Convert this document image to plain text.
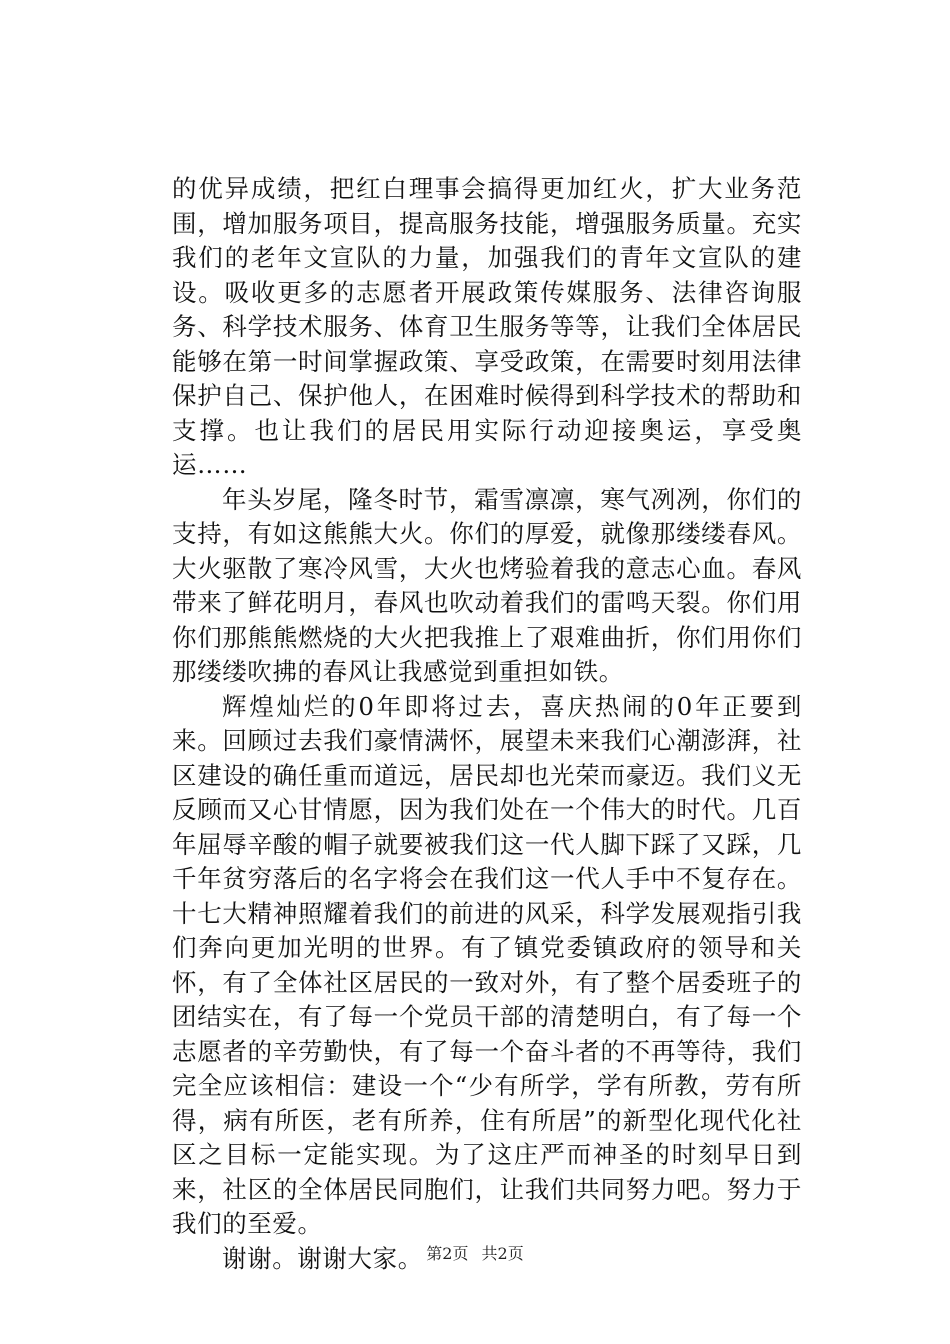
的优异成绩，把红白理事会搞得更加红火，扩大业务范围，增加服务项目，提高服务技能，增强服务质量。充实我们的老年文宣队的力量，加强我们的青年文宣队的建设。吸收更多的志愿者开展政策传媒服务、法律咨询服务、科学技术服务、体育卫生服务等等，让我们全体居民能够在第一时间掌握政策、享受政策，在需要时刻用法律保护自己、保护他人，在困难时候得到科学技术的帮助和支撑。也让我们的居民用实际行动迎接奥运，享受奥运……

年头岁尾，隆冬时节，霜雪凛凛，寒气冽冽，你们的支持，有如这熊熊大火。你们的厚爱，就像那缕缕春风。大火驱散了寒冷风雪，大火也烤验着我的意志心血。春风带来了鲜花明月，春风也吹动着我们的雷鸣天裂。你们用你们那熊熊燃烧的大火把我推上了艰难曲折，你们用你们那缕缕吹拂的春风让我感觉到重担如铁。

辉煌灿烂的0年即将过去，喜庆热闹的0年正要到来。回顾过去我们豪情满怀，展望未来我们心潮澎湃，社区建设的确任重而道远，居民却也光荣而豪迈。我们义无反顾而又心甘情愿，因为我们处在一个伟大的时代。几百年屈辱辛酸的帽子就要被我们这一代人脚下踩了又踩，几千年贫穷落后的名字将会在我们这一代人手中不复存在。十七大精神照耀着我们的前进的风采，科学发展观指引我们奔向更加光明的世界。有了镇党委镇政府的领导和关怀，有了全体社区居民的一致对外，有了整个居委班子的团结实在，有了每一个党员干部的清楚明白，有了每一个志愿者的辛劳勤快，有了每一个奋斗者的不再等待，我们完全应该相信：建设一个“少有所学，学有所教，劳有所得，病有所医，老有所养，住有所居”的新型化现代化社区之目标一定能实现。为了这庄严而神圣的时刻早日到来，社区的全体居民同胞们，让我们共同努力吧。努力于我们的至爱。

谢谢。谢谢大家。 第2页 共2页
